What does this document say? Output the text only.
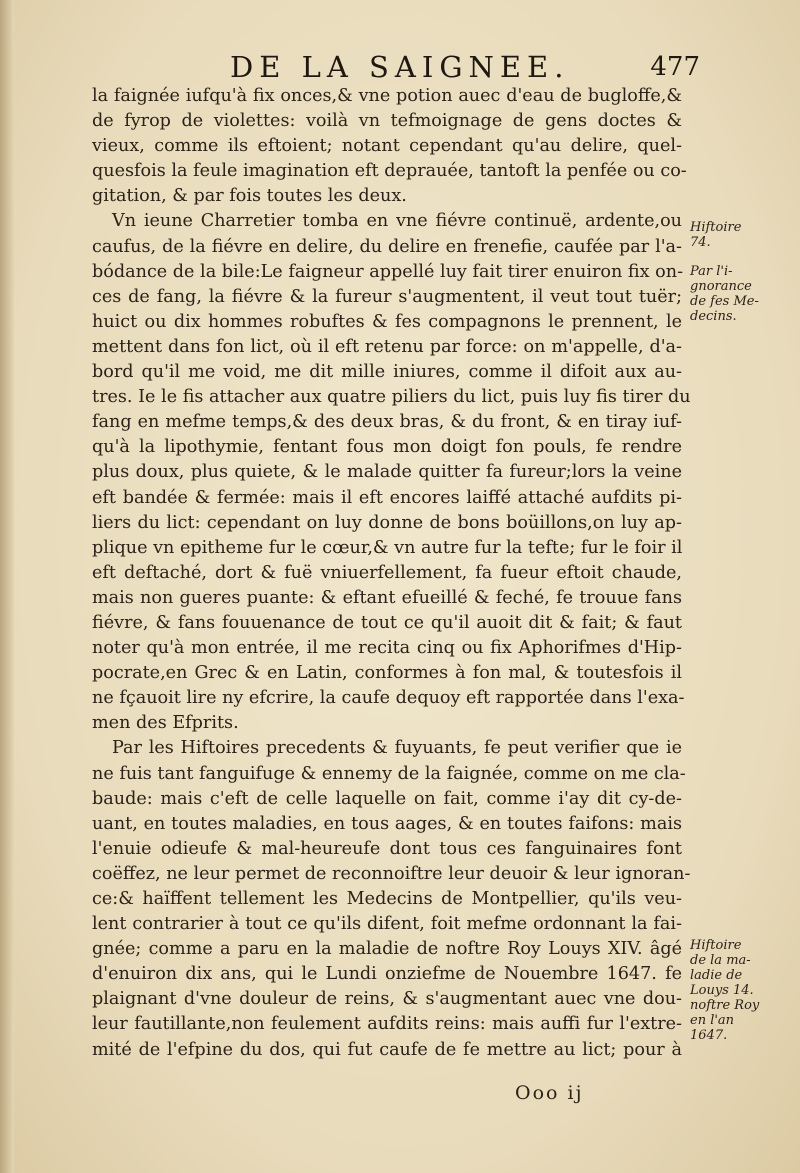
DE LA SAIGNEE.	477
la faignée iufqu'à fix onces,& vne potion auec d'eau de bugloffe,&
de fyrop de violettes: voilà vn tefmoignage de gens doctes &
vieux, comme ils eftoient; notant cependant qu'au delire, quel-
quesfois la feule imagination eft deprauée, tantoft la penfée ou co-
gitation, & par fois toutes les deux.
Vn ieune Charretier tomba en vne fiévre continuë, ardente,ou
caufus, de la fiévre en delire, du delire en frenefie, caufée par l'a-
bódance de la bile:Le faigneur appellé luy fait tirer enuiron fix on-
ces de fang, la fiévre & la fureur s'augmentent, il veut tout tuër;
huict ou dix hommes robuftes & fes compagnons le prennent, le
mettent dans fon lict, où il eft retenu par force: on m'appelle, d'a-
bord qu'il me void, me dit mille iniures, comme il difoit aux au-
tres. Ie le fis attacher aux quatre piliers du lict, puis luy fis tirer du
fang en mefme temps,& des deux bras, & du front, & en tiray iuf-
qu'à la lipothymie, fentant fous mon doigt fon pouls, fe rendre
plus doux, plus quiete, & le malade quitter fa fureur;lors la veine
eft bandée & fermée: mais il eft encores laiffé attaché aufdits pi-
liers du lict: cependant on luy donne de bons boüillons,on luy ap-
plique vn epitheme fur le cœur,& vn autre fur la tefte; fur le foir il
eft deftaché, dort & fuë vniuerfellement, fa fueur eftoit chaude,
mais non gueres puante: & eftant efueillé & feché, fe trouue fans
fiévre, & fans fouuenance de tout ce qu'il auoit dit & fait; & faut
noter qu'à mon entrée, il me recita cinq ou fix Aphorifmes d'Hip-
pocrate,en Grec & en Latin, conformes à fon mal, & toutesfois il
ne fçauoit lire ny efcrire, la caufe dequoy eft rapportée dans l'exa-
men des Efprits.
Par les Hiftoires precedents & fuyuants, fe peut verifier que ie
ne fuis tant fanguifuge & ennemy de la faignée, comme on me cla-
baude: mais c'eft de celle laquelle on fait, comme i'ay dit cy-de-
uant, en toutes maladies, en tous aages, & en toutes faifons: mais
l'enuie odieufe & mal-heureufe dont tous ces fanguinaires font
coëffez, ne leur permet de reconnoiftre leur deuoir & leur ignoran-
ce:& haïffent tellement les Medecins de Montpellier, qu'ils veu-
lent contrarier à tout ce qu'ils difent, foit mefme ordonnant la fai-
gnée; comme a paru en la maladie de noftre Roy Louys XIV. âgé
d'enuiron dix ans, qui le Lundi onziefme de Nouembre 1647. fe
plaignant d'vne douleur de reins, & s'augmentant auec vne dou-
leur fautillante,non feulement aufdits reins: mais auffi fur l'extre-
mité de l'efpine du dos, qui fut caufe de fe mettre au lict; pour à
Hiftoire
74.
Par l'i-
gnorance
de fes Me-
decins.
Hiftoire
de la ma-
ladie de
Louys 14.
noftre Roy
en l'an
1647.
Ooo ij
